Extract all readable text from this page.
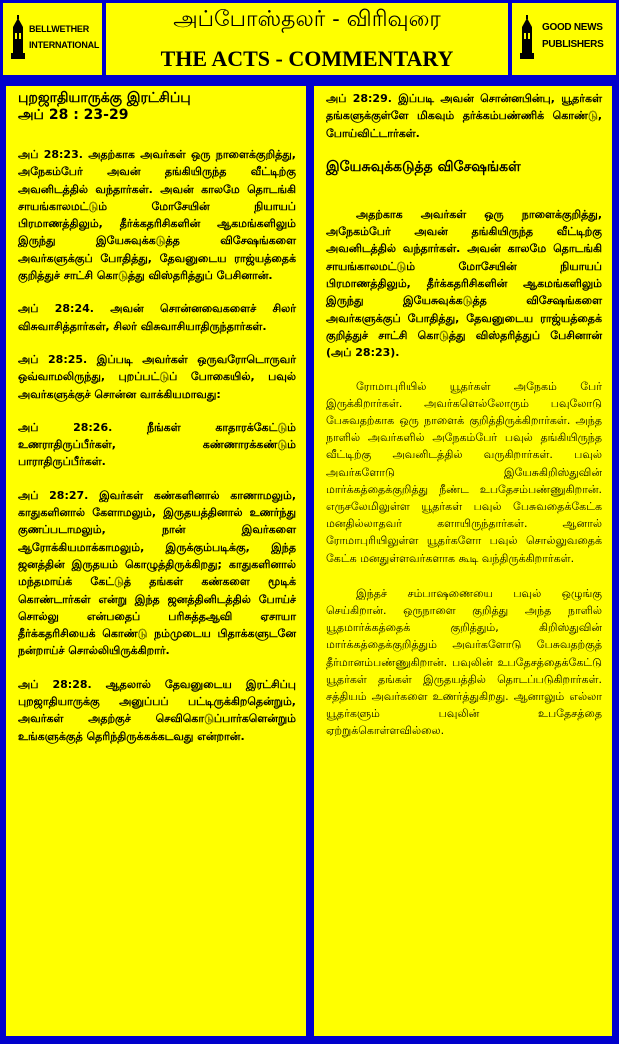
BELLWETHER
INTERNATIONAL
அப்போஸ்தலர் - விரிவுரை
THE ACTS - COMMENTARY
GOOD NEWS
PUBLISHERS
புறஜாதியாருக்கு இரட்சிப்பு
அப் 28 : 23-29

அப் 28:23. அதற்காக அவர்கள் ஒரு நாளைக்குறித்து, அநேகம்பேர் அவன் தங்கியிருந்த வீட்டிற்கு அவனிடத்தில் வந்தார்கள். அவன் காலமே தொடங்கி சாயங்காலமட்டும் மோசேயின் நியாயப் பிரமாணத்திலும், தீர்க்கதரிசிகளின் ஆகமங்களிலும் இருந்து இயேசுவுக்கடுத்த விசேஷங்களை அவர்களுக்குப் போதித்து, தேவனுடைய ராஜ்யத்தைக் குறித்துச் சாட்சி கொடுத்து விஸ்தரித்துப் பேசினான்.

அப் 28:24. அவன் சொன்னவைகளைச் சிலர் விசுவாசித்தார்கள், சிலர் விசுவாசியாதிருந்தார்கள்.

அப் 28:25. இப்படி அவர்கள் ஒருவரோடொருவர் ஒவ்வாமலிருந்து, புறப்பட்டுப் போகையில், பவுல் அவர்களுக்குச் சொன்ன வாக்கியமாவது:

அப் 28:26. நீங்கள் காதாரக்கேட்டும் உணராதிருப்பீர்கள், கண்ணாரக்கண்டும் பாராதிருப்பீர்கள்.

அப் 28:27. இவர்கள் கண்களினால் காணாமலும், காதுகளினால் கேளாமலும், இருதயத்தினால் உணர்ந்து குணப்படாமலும், நான் இவர்களை ஆரோக்கியமாக்காமலும், இருக்கும்படிக்கு, இந்த ஜனத்தின் இருதயம் கொழுத்திருக்கிறது; காதுகளினால் மந்தமாய்க் கேட்டுத் தங்கள் கண்களை மூடிக் கொண்டார்கள் என்று இந்த ஜனத்தினிடத்தில் போய்ச் சொல்லு என்பதைப் பரிசுத்தஆவி ஏசாயா தீர்க்கதரிசியைக் கொண்டு நம்முடைய பிதாக்களுடனே நன்றாய்ச் சொல்லியிருக்கிறார்.

அப் 28:28. ஆதலால் தேவனுடைய இரட்சிப்பு புறஜாதியாருக்கு அனுப்பப் பட்டிருக்கிறதென்றும், அவர்கள் அதற்குச் செவிகொடுப்பார்களென்றும் உங்களுக்குத் தெரிந்திருக்கக்கடவது என்றான்.

அப் 28:29. இப்படி அவன் சொன்னபின்பு, யூதர்கள் தங்களுக்குள்ளே மிகவும் தர்க்கம்பண்ணிக் கொண்டு, போய்விட்டார்கள்.

இயேசுவுக்கடுத்த விசேஷங்கள்

அதற்காக அவர்கள் ஒரு நாளைக்குறித்து, அநேகம்பேர் அவன் தங்கியிருந்த வீட்டிற்கு அவனிடத்தில் வந்தார்கள். அவன் காலமே தொடங்கி சாயங்காலமட்டும் மோசேயின் நியாயப் பிரமாணத்திலும், தீர்க்கதரிசிகளின் ஆகமங்களிலும் இருந்து இயேசுவுக்கடுத்த விசேஷங்களை அவர்களுக்குப் போதித்து, தேவனுடைய ராஜ்யத்தைக் குறித்துச் சாட்சி கொடுத்து விஸ்தரித்துப் பேசினான் (அப் 28:23).

ரோமாபுரியில் யூதர்கள் அநேகம் பேர் இருக்கிறார்கள். அவர்களெல்லோரும் பவுலோடு பேசுவதற்காக ஒரு நாளைக் குறித்திருக்கிறார்கள். அந்த நாளில் அவர்களில் அநேகம்பேர் பவுல் தங்கியிருந்த வீட்டிற்கு அவனிடத்தில் வருகிறார்கள். பவுல் அவர்களோடு இயேசுகிறிஸ்துவின் மார்க்கத்தைக்குறித்து நீண்ட உபதேசம்பண்ணுகிறான். எருசலேமிலுள்ள யூதர்கள் பவுல் பேசுவதைக்கேட்க மனதில்லாதவர் களாயிருந்தார்கள். ஆனால் ரோமாபுரியிலுள்ள யூதர்களோ பவுல் சொல்லுவதைக் கேட்க மனதுள்ளவர்களாக கூடி வந்திருக்கிறார்கள்.

இந்தச் சம்பாஷணையை பவுல் ஒழுங்கு செய்கிறான். ஒருநாளை குறித்து அந்த நாளில் யூதமார்க்கத்தைக் குறித்தும், கிறிஸ்துவின் மார்க்கத்தைக்குறித்தும் அவர்களோடு பேசுவதற்குத் தீர்மானம்பண்ணுகிறான். பவுலின் உபதேசத்தைக்கேட்டு யூதர்கள் தங்கள் இருதயத்தில் தொடப்படுகிறார்கள். சத்தியம் அவர்களை உணர்த்துகிறது. ஆனாலும் எல்லா யூதர்களும் பவுலின் உபதேசத்தை ஏற்றுக்கொள்ளவில்லை.
